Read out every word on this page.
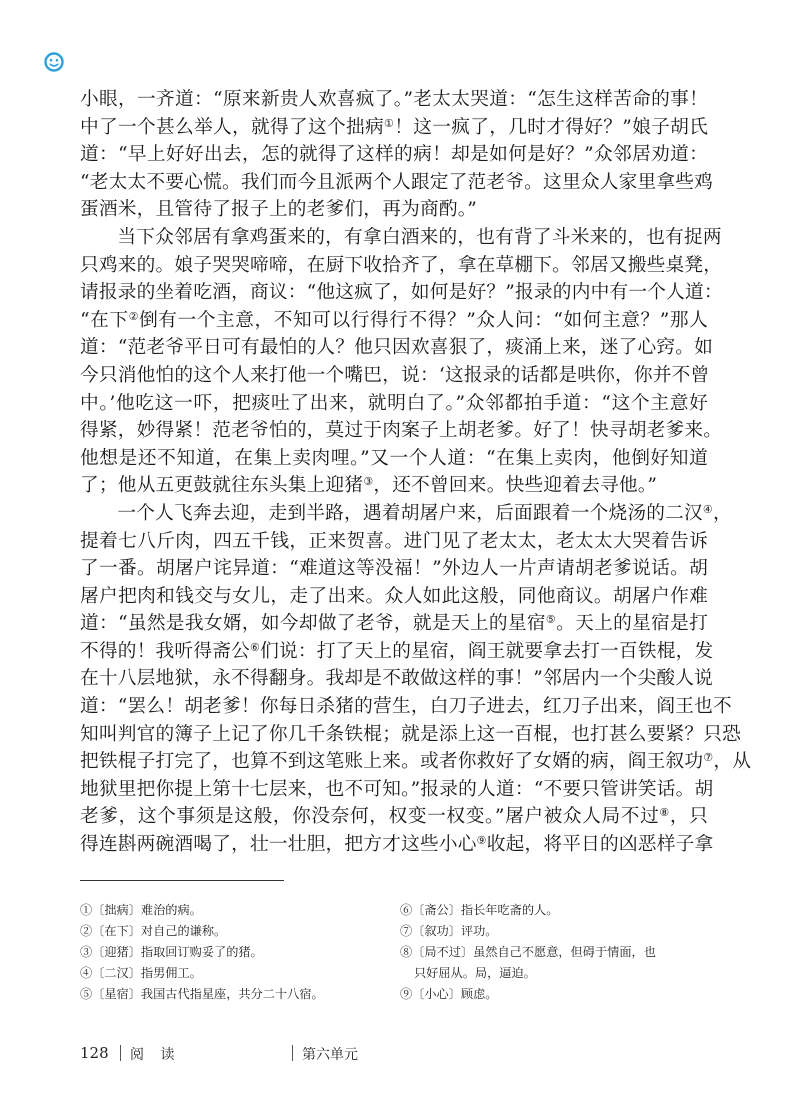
小眼，一齐道：“原来新贵人欢喜疯了。”老太太哭道：“怎生这样苦命的事！
中了一个甚么举人，就得了这个拙病①！这一疯了，几时才得好？”娘子胡氏
道：“早上好好出去，怎的就得了这样的病！却是如何是好？”众邻居劝道：
“老太太不要心慌。我们而今且派两个人跟定了范老爷。这里众人家里拿些鸡
蛋酒米，且管待了报子上的老爹们，再为商酌。”
当下众邻居有拿鸡蛋来的，有拿白酒来的，也有背了斗米来的，也有捉两
只鸡来的。娘子哭哭啼啼，在厨下收拾齐了，拿在草棚下。邻居又搬些桌凳，
请报录的坐着吃酒，商议：“他这疯了，如何是好？”报录的内中有一个人道：
“在下②倒有一个主意，不知可以行得行不得？”众人问：“如何主意？”那人
道：“范老爷平日可有最怕的人？他只因欢喜狠了，痰涌上来，迷了心窍。如
今只消他怕的这个人来打他一个嘴巴，说：‘这报录的话都是哄你，你并不曾
中。’他吃这一吓，把痰吐了出来，就明白了。”众邻都拍手道：“这个主意好
得紧，妙得紧！范老爷怕的，莫过于肉案子上胡老爹。好了！快寻胡老爹来。
他想是还不知道，在集上卖肉哩。”又一个人道：“在集上卖肉，他倒好知道
了；他从五更鼓就往东头集上迎猪③，还不曾回来。快些迎着去寻他。”
一个人飞奔去迎，走到半路，遇着胡屠户来，后面跟着一个烧汤的二汉④，
提着七八斤肉，四五千钱，正来贺喜。进门见了老太太，老太太大哭着告诉
了一番。胡屠户诧异道：“难道这等没福！”外边人一片声请胡老爹说话。胡
屠户把肉和钱交与女儿，走了出来。众人如此这般，同他商议。胡屠户作难
道：“虽然是我女婿，如今却做了老爷，就是天上的星宿⑤。天上的星宿是打
不得的！我听得斋公⑥们说：打了天上的星宿，阎王就要拿去打一百铁棍，发
在十八层地狱，永不得翻身。我却是不敢做这样的事！”邻居内一个尖酸人说
道：“罢么！胡老爹！你每日杀猪的营生，白刀子进去，红刀子出来，阎王也不
知叫判官的簿子上记了你几千条铁棍；就是添上这一百棍，也打甚么要紧？只恐
把铁棍子打完了，也算不到这笔账上来。或者你救好了女婿的病，阎王叙功⑦，从
地狱里把你提上第十七层来，也不可知。”报录的人道：“不要只管讲笑话。胡
老爹，这个事须是这般，你没奈何，权变一权变。”屠户被众人局不过⑧，只
得连斟两碗酒喝了，壮一壮胆，把方才这些小心⑨收起，将平日的凶恶样子拿
①〔拙病〕难治的病。
②〔在下〕对自己的谦称。
③〔迎猪〕指取回订购妥了的猪。
④〔二汉〕指男佣工。
⑤〔星宿〕我国古代指星座，共分二十八宿。
⑥〔斋公〕指长年吃斋的人。
⑦〔叙功〕评功。
⑧〔局不过〕虽然自己不愿意，但碍于情面，也
只好屈从。局，逼迫。
⑨〔小心〕顾虑。
128 阅 读	第六单元
